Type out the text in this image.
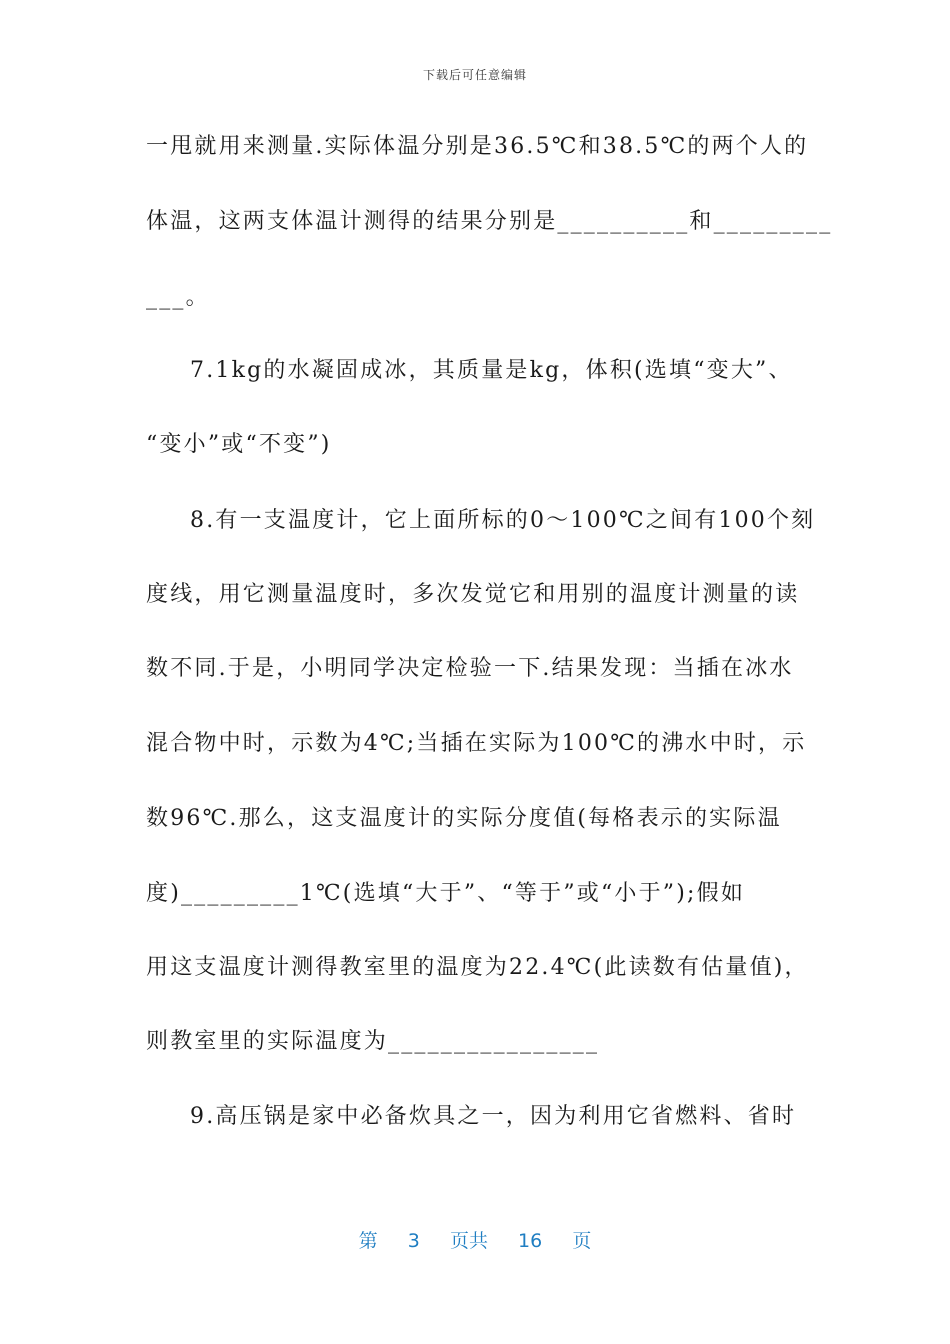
下载后可任意编辑
一甩就用来测量.实际体温分别是36.5℃和38.5℃的两个人的
体温，这两支体温计测得的结果分别是__________和_________
___。
7.1kg的水凝固成冰，其质量是kg，体积(选填“变大”、
“变小”或“不变”)
8.有一支温度计，它上面所标的0～100℃之间有100个刻
度线，用它测量温度时，多次发觉它和用别的温度计测量的读
数不同.于是，小明同学决定检验一下.结果发现：当插在冰水
混合物中时，示数为4℃;当插在实际为100℃的沸水中时，示
数96℃.那么，这支温度计的实际分度值(每格表示的实际温
度)_________1℃(选填“大于”、“等于”或“小于”);假如
用这支温度计测得教室里的温度为22.4℃(此读数有估量值)，
则教室里的实际温度为________________
9.高压锅是家中必备炊具之一，因为利用它省燃料、省时
第 3 页共 16 页
